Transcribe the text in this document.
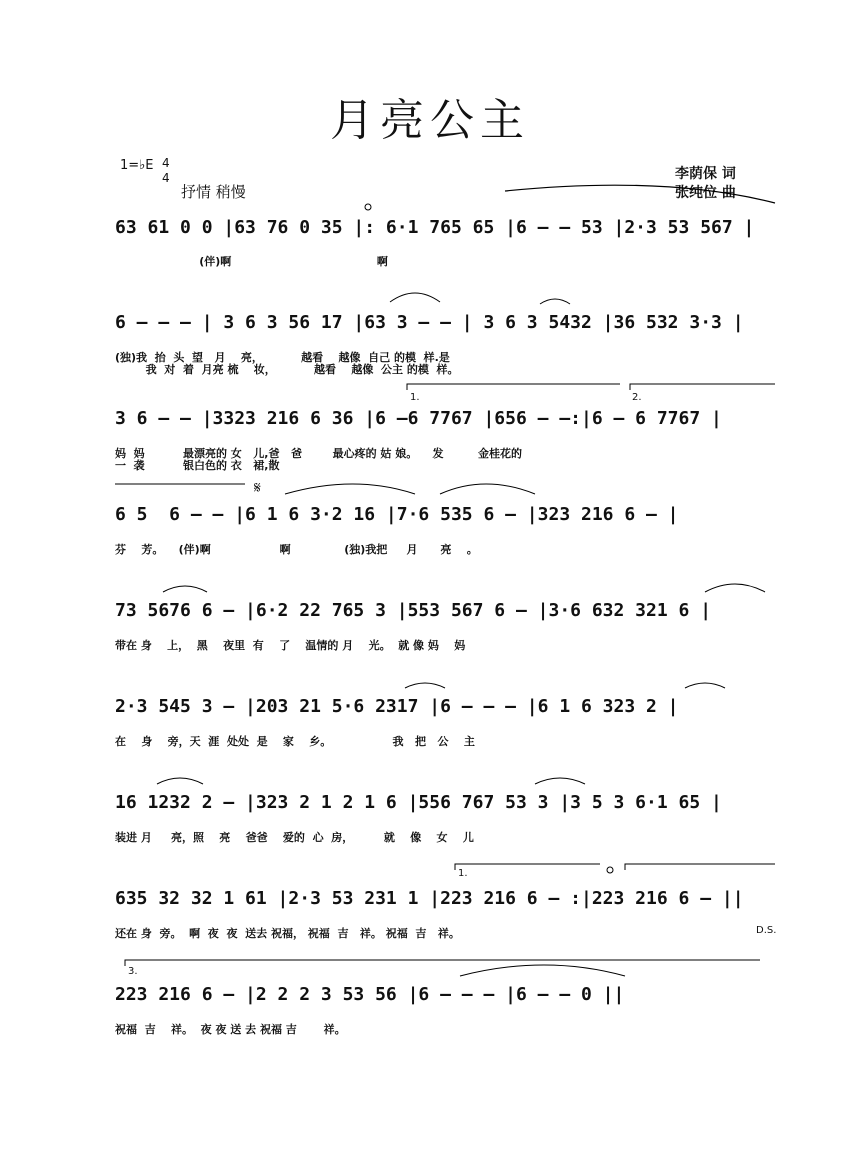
月亮公主
1=♭E 4
4
抒情 稍慢
李荫保 词
张纯位 曲
63 61 0 0 |63 76 0 35 |: 6·1 765 65 |6 – – 53 |2·3 53 567 |
(伴)啊                                      啊
6 – – – | 3 6 3 56 17 |63 3 – – | 3 6 3 5432 |36 532 3·3 |
(独)我  抬  头  望   月    亮，          越看    越像  自己 的模  样.是
我  对  着  月亮 梳    妆，          越看    越像  公主 的模  样。
3 6 – – |3323 216 6 36 |6 –6 7767 |656 – –:|6 – 6 7767 |
1.	2.
妈  妈          最漂亮的 女   儿,爸   爸        最心疼的 姑 娘。    发         金桂花的
一  袭          银白色的 衣   裙,散
6 5  6 – – |6 1 6 3·2 16 |7·6 535 6 – |323 216 6 – |
𝄋
芬    芳。    (伴)啊                  啊              (独)我把     月      亮    。
73 5676 6 – |6·2 22 765 3 |553 567 6 – |3·6 632 321 6 |
带在 身    上，  黑    夜里  有    了    温情的 月    光。  就 像 妈    妈
2·3 545 3 – |203 21 5·6 2317 |6 – – – |6 1 6 323 2 |
在    身    旁，天  涯  处处  是    家    乡。                我   把   公    主
16 1232 2 – |323 2 1 2 1 6 |556 767 53 3 |3 5 3 6·1 65 |
装进 月     亮，照    亮    爸爸    爱的  心  房，        就    像    女    儿
635 32 32 1 61 |2·3 53 231 1 |223 216 6 – :|223 216 6 – ||
1.
D.S.
还在 身  旁。  啊  夜  夜  送去 祝福， 祝福  吉   祥。 祝福  吉   祥。
223 216 6 – |2 2 2 3 53 56 |6 – – – |6 – – 0 ||
3.
祝福  吉    祥。  夜 夜 送 去 祝福 吉       祥。
